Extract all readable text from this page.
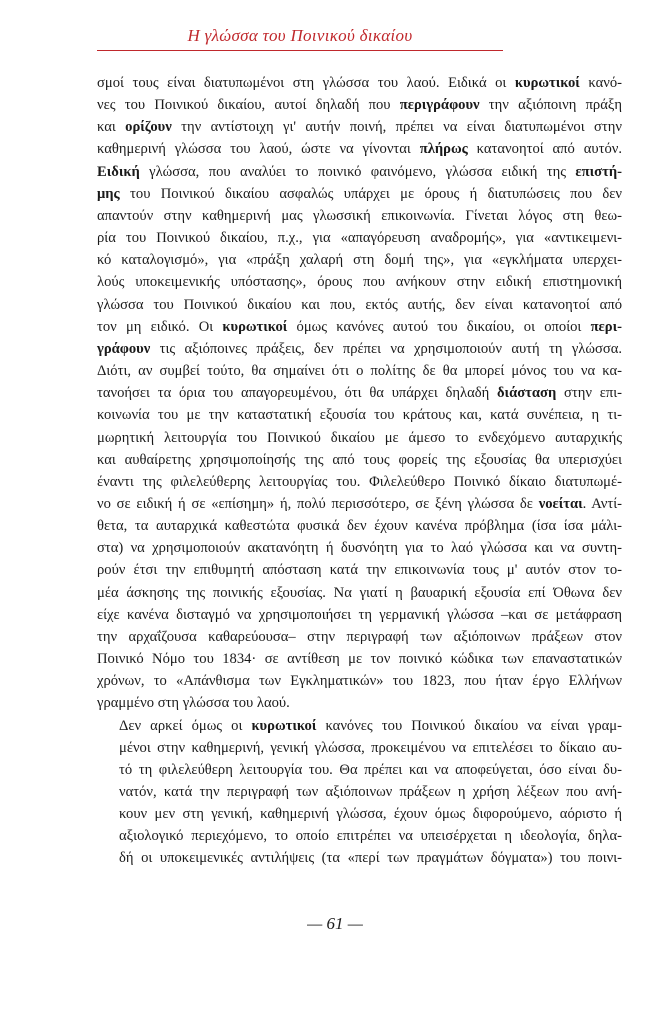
Η γλώσσα του Ποινικού δικαίου

σμοί τους είναι διατυπωμένοι στη γλώσσα του λαού. Ειδικά οι κυρωτικοί κανό-
νες του Ποινικού δικαίου, αυτοί δηλαδή που περιγράφουν την αξιόποινη πράξη
και ορίζουν την αντίστοιχη γι' αυτήν ποινή, πρέπει να είναι διατυπωμένοι στην
καθημερινή γλώσσα του λαού, ώστε να γίνονται πλήρως κατανοητοί από αυτόν.
Ειδική γλώσσα, που αναλύει το ποινικό φαινόμενο, γλώσσα ειδική της επιστή-
μης του Ποινικού δικαίου ασφαλώς υπάρχει με όρους ή διατυπώσεις που δεν
απαντούν στην καθημερινή μας γλωσσική επικοινωνία. Γίνεται λόγος στη θεω-
ρία του Ποινικού δικαίου, π.χ., για «απαγόρευση αναδρομής», για «αντικειμενι-
κό καταλογισμό», για «πράξη χαλαρή στη δομή της», για «εγκλήματα υπερχει-
λούς υποκειμενικής υπόστασης», όρους που ανήκουν στην ειδική επιστημονική
γλώσσα του Ποινικού δικαίου και που, εκτός αυτής, δεν είναι κατανοητοί από
τον μη ειδικό. Οι κυρωτικοί όμως κανόνες αυτού του δικαίου, οι οποίοι περι-
γράφουν τις αξιόποινες πράξεις, δεν πρέπει να χρησιμοποιούν αυτή τη γλώσσα.
Διότι, αν συμβεί τούτο, θα σημαίνει ότι ο πολίτης δε θα μπορεί μόνος του να κα-
τανοήσει τα όρια του απαγορευμένου, ότι θα υπάρχει δηλαδή διάσταση στην επι-
κοινωνία του με την καταστατική εξουσία του κράτους και, κατά συνέπεια, η τι-
μωρητική λειτουργία του Ποινικού δικαίου με άμεσο το ενδεχόμενο αυταρχικής
και αυθαίρετης χρησιμοποίησής της από τους φορείς της εξουσίας θα υπερισχύει
έναντι της φιλελεύθερης λειτουργίας του. Φιλελεύθερο Ποινικό δίκαιο διατυπωμέ-
νο σε ειδική ή σε «επίσημη» ή, πολύ περισσότερο, σε ξένη γλώσσα δε νοείται. Αντί-
θετα, τα αυταρχικά καθεστώτα φυσικά δεν έχουν κανένα πρόβλημα (ίσα ίσα μάλι-
στα) να χρησιμοποιούν ακατανόητη ή δυσνόητη για το λαό γλώσσα και να συντη-
ρούν έτσι την επιθυμητή απόσταση κατά την επικοινωνία τους μ' αυτόν στον το-
μέα άσκησης της ποινικής εξουσίας. Να γιατί η βαυαρική εξουσία επί Όθωνα δεν
είχε κανένα δισταγμό να χρησιμοποιήσει τη γερμανική γλώσσα –και σε μετάφραση
την αρχαΐζουσα καθαρεύουσα– στην περιγραφή των αξιόποινων πράξεων στον
Ποινικό Νόμο του 1834· σε αντίθεση με τον ποινικό κώδικα των επαναστατικών
χρόνων, το «Απάνθισμα των Εγκληματικών» του 1823, που ήταν έργο Ελλήνων
γραμμένο στη γλώσσα του λαού.

Δεν αρκεί όμως οι κυρωτικοί κανόνες του Ποινικού δικαίου να είναι γραμ-
μένοι στην καθημερινή, γενική γλώσσα, προκειμένου να επιτελέσει το δίκαιο αυ-
τό τη φιλελεύθερη λειτουργία του. Θα πρέπει και να αποφεύγεται, όσο είναι δυ-
νατόν, κατά την περιγραφή των αξιόποινων πράξεων η χρήση λέξεων που ανή-
κουν μεν στη γενική, καθημερινή γλώσσα, έχουν όμως διφορούμενο, αόριστο ή
αξιολογικό περιεχόμενο, το οποίο επιτρέπει να υπεισέρχεται η ιδεολογία, δηλα-
δή οι υποκειμενικές αντιλήψεις (τα «περί των πραγμάτων δόγματα») του ποινι-

— 61 —
